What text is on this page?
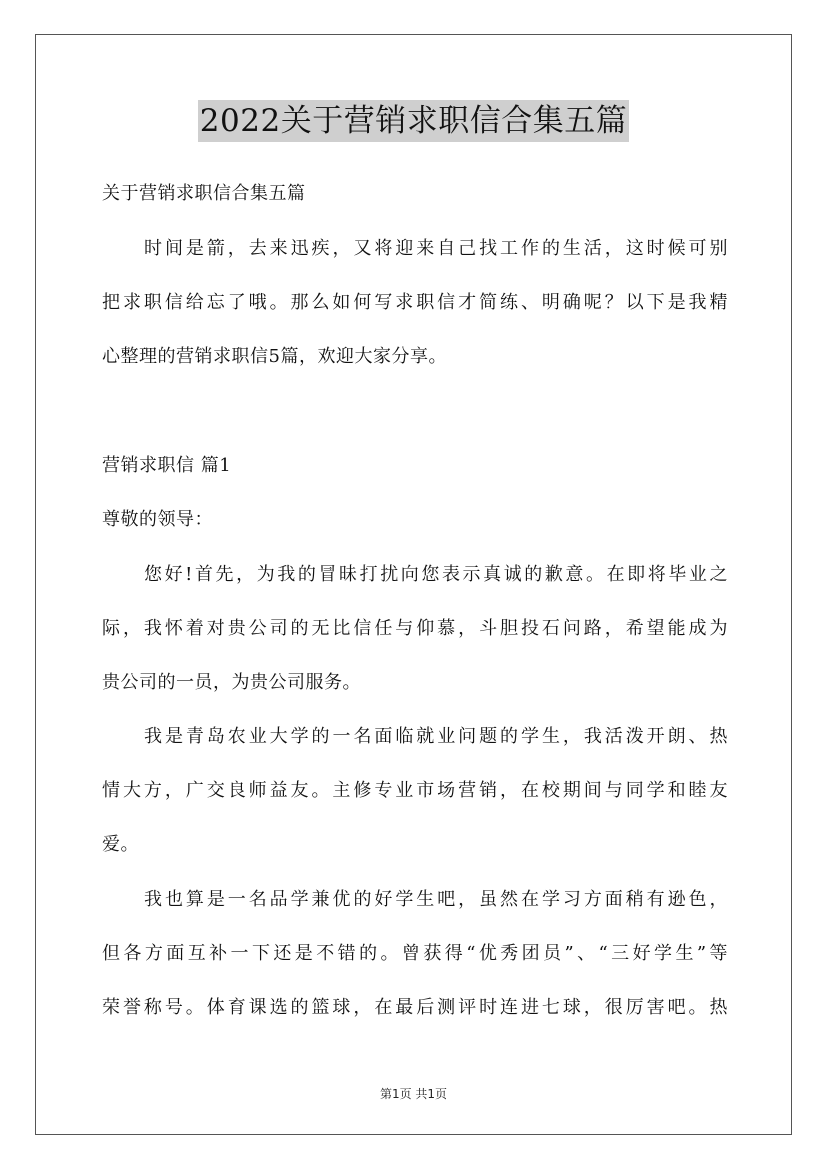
2022关于营销求职信合集五篇
关于营销求职信合集五篇
时间是箭，去来迅疾，又将迎来自己找工作的生活，这时候可别
把求职信给忘了哦。那么如何写求职信才简练、明确呢？以下是我精
心整理的营销求职信5篇，欢迎大家分享。
营销求职信 篇1
尊敬的领导：
您好!首先，为我的冒昧打扰向您表示真诚的歉意。在即将毕业之
际，我怀着对贵公司的无比信任与仰慕，斗胆投石问路，希望能成为
贵公司的一员，为贵公司服务。
我是青岛农业大学的一名面临就业问题的学生，我活泼开朗、热
情大方，广交良师益友。主修专业市场营销，在校期间与同学和睦友
爱。
我也算是一名品学兼优的好学生吧，虽然在学习方面稍有逊色，
但各方面互补一下还是不错的。曾获得“优秀团员”、“三好学生”等
荣誉称号。体育课选的篮球，在最后测评时连进七球，很厉害吧。热
第1页 共1页
